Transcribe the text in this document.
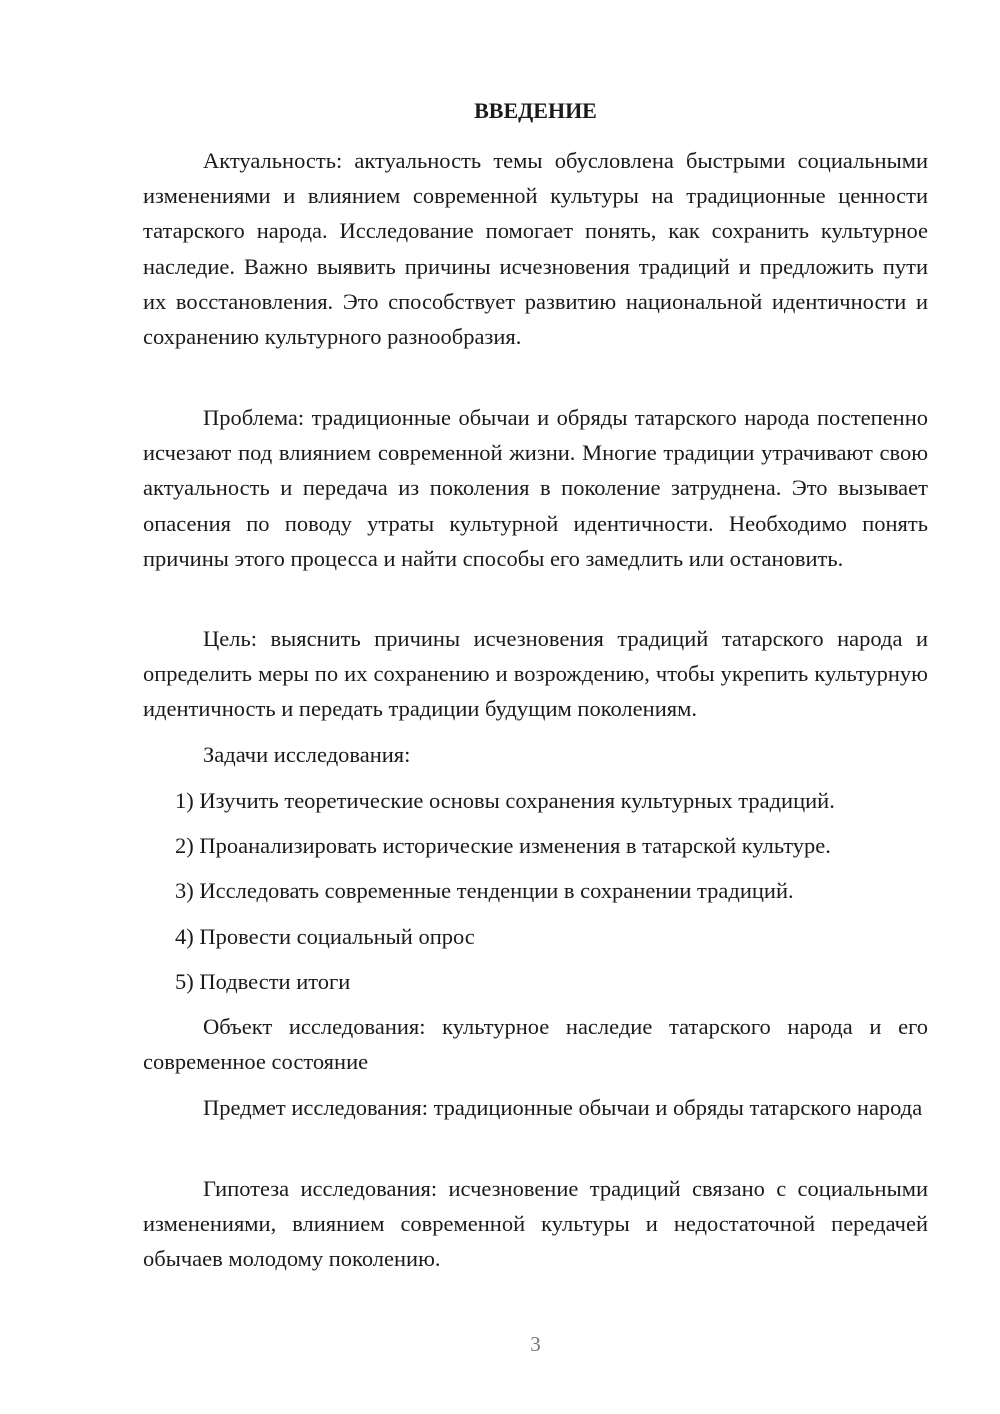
ВВЕДЕНИЕ

Актуальность: актуальность темы обусловлена быстрыми социальными изменениями и влиянием современной культуры на традиционные ценности татарского народа. Исследование помогает понять, как сохранить культурное наследие. Важно выявить причины исчезновения традиций и предложить пути их восстановления. Это способствует развитию национальной идентичности и сохранению культурного разнообразия.

Проблема: традиционные обычаи и обряды татарского народа постепенно исчезают под влиянием современной жизни. Многие традиции утрачивают свою актуальность и передача из поколения в поколение затруднена. Это вызывает опасения по поводу утраты культурной идентичности. Необходимо понять причины этого процесса и найти способы его замедлить или остановить.

Цель: выяснить причины исчезновения традиций татарского народа и определить меры по их сохранению и возрождению, чтобы укрепить культурную идентичность и передать традиции будущим поколениям.

Задачи исследования:

1) Изучить теоретические основы сохранения культурных традиций.

2) Проанализировать исторические изменения в татарской культуре.

3) Исследовать современные тенденции в сохранении традиций.

4) Провести социальный опрос

5) Подвести итоги

Объект исследования: культурное наследие татарского народа и его современное состояние

Предмет исследования: традиционные обычаи и обряды татарского народа

Гипотеза исследования: исчезновение традиций связано с социальными изменениями, влиянием современной культуры и недостаточной передачей обычаев молодому поколению.

3
